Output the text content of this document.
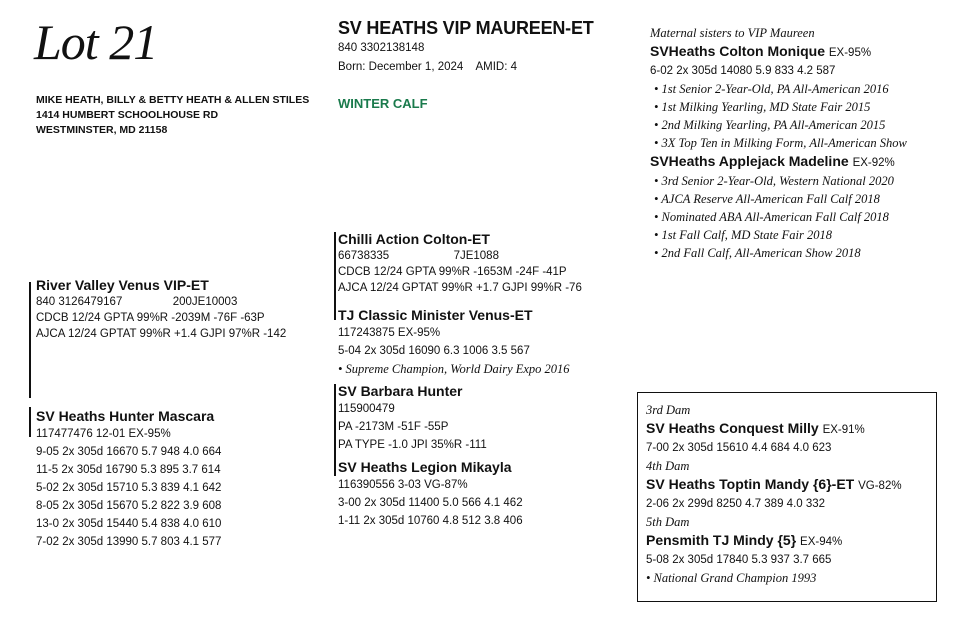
Lot 21
MIKE HEATH, BILLY & BETTY HEATH & ALLEN STILES
1414 HUMBERT SCHOOLHOUSE RD
WESTMINSTER, MD 21158
SV HEATHS VIP MAUREEN-ET
840 3302138148
Born: December 1, 2024 AMID: 4
WINTER CALF
River Valley Venus VIP-ET
840 3126479167	200JE10003
CDCB 12/24 GPTA 99%R -2039M -76F -63P
AJCA 12/24 GPTAT 99%R +1.4 GJPI 97%R -142
SV Heaths Hunter Mascara
117477476 12-01 EX-95%
9-05 2x 305d 16670 5.7 948 4.0 664
11-5 2x 305d 16790 5.3 895 3.7 614
5-02 2x 305d 15710 5.3 839 4.1 642
8-05 2x 305d 15670 5.2 822 3.9 608
13-0 2x 305d 15440 5.4 838 4.0 610
7-02 2x 305d 13990 5.7 803 4.1 577
Chilli Action Colton-ET
66738335	7JE1088
CDCB 12/24 GPTA 99%R -1653M -24F -41P
AJCA 12/24 GPTAT 99%R +1.7 GJPI 99%R -76
TJ Classic Minister Venus-ET
117243875 EX-95%
5-04 2x 305d 16090 6.3 1006 3.5 567
• Supreme Champion, World Dairy Expo 2016
SV Barbara Hunter
115900479
PA -2173M -51F -55P
PA TYPE -1.0 JPI 35%R -111
SV Heaths Legion Mikayla
116390556 3-03 VG-87%
3-00 2x 305d 11400 5.0 566 4.1 462
1-11 2x 305d 10760 4.8 512 3.8 406
Maternal sisters to VIP Maureen
SVHeaths Colton Monique EX-95%
6-02 2x 305d 14080 5.9 833 4.2 587
• 1st Senior 2-Year-Old, PA All-American 2016
• 1st Milking Yearling, MD State Fair 2015
• 2nd Milking Yearling, PA All-American 2015
• 3X Top Ten in Milking Form, All-American Show
SVHeaths Applejack Madeline EX-92%
• 3rd Senior 2-Year-Old, Western National 2020
• AJCA Reserve All-American Fall Calf 2018
• Nominated ABA All-American Fall Calf 2018
• 1st Fall Calf, MD State Fair 2018
• 2nd Fall Calf, All-American Show 2018
3rd Dam
SV Heaths Conquest Milly EX-91%
7-00 2x 305d 15610 4.4 684 4.0 623
4th Dam
SV Heaths Toptin Mandy {6}-ET VG-82%
2-06 2x 299d 8250 4.7 389 4.0 332
5th Dam
Pensmith TJ Mindy {5} EX-94%
5-08 2x 305d 17840 5.3 937 3.7 665
• National Grand Champion 1993
